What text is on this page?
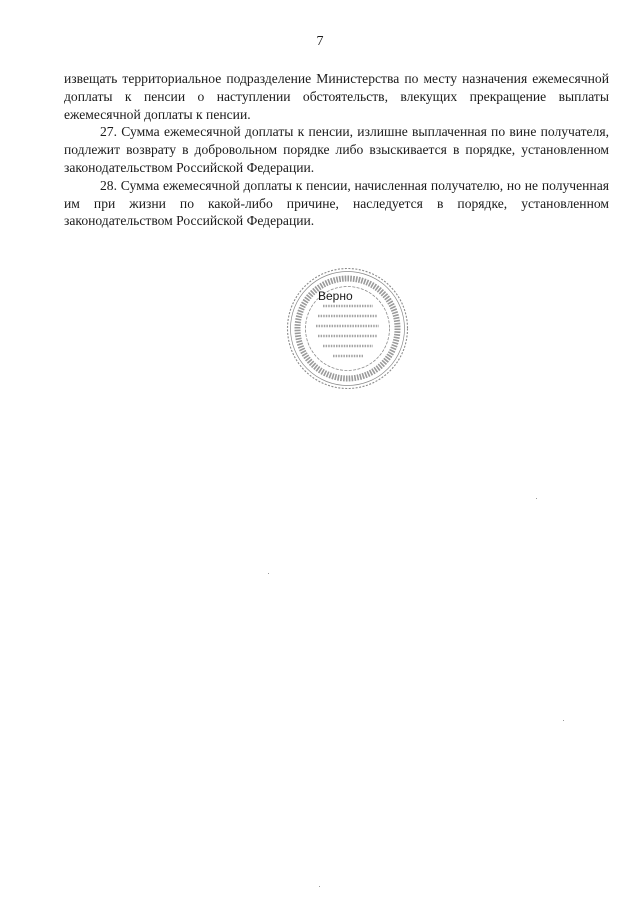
7

извещать территориальное подразделение Министерства по месту назначения ежемесячной доплаты к пенсии о наступлении обстоятельств, влекущих прекращение выплаты ежемесячной доплаты к пенсии.

27. Сумма ежемесячной доплаты к пенсии, излишне выплаченная по вине получателя, подлежит возврату в добровольном порядке либо взыскивается в порядке, установленном законодательством Российской Федерации.

28. Сумма ежемесячной доплаты к пенсии, начисленная получателю, но не полученная им при жизни по какой-либо причине, наследуется в порядке, установленном законодательством Российской Федерации.

Верно
